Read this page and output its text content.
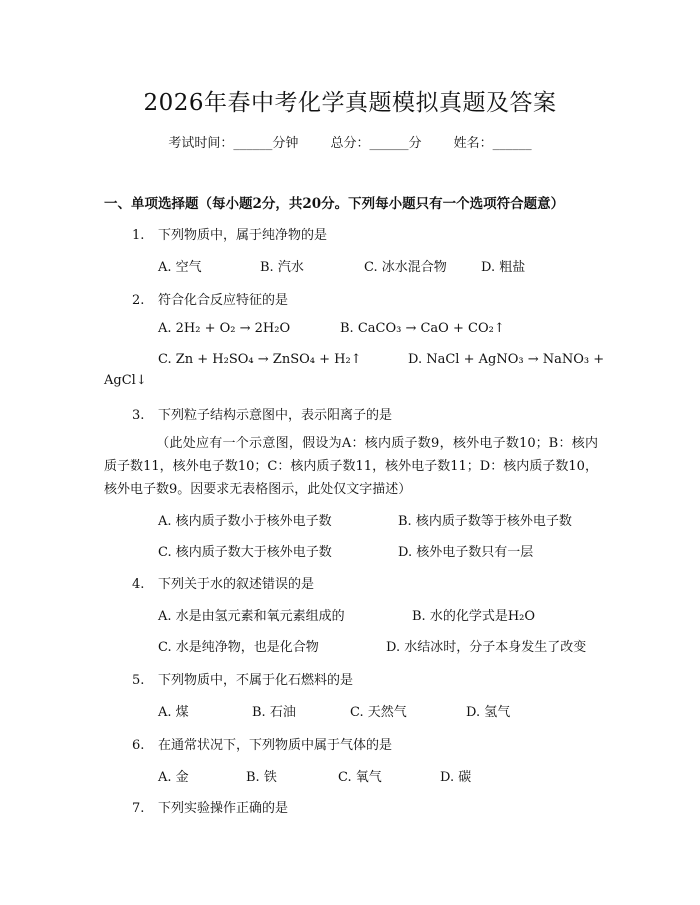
2026年春中考化学真题模拟真题及答案
考试时间：______分钟 总分：______分 姓名：______
一、单项选择题（每小题2分，共20分。下列每小题只有一个选项符合题意）
1. 下列物质中，属于纯净物的是
A. 空气	B. 汽水	C. 冰水混合物	D. 粗盐
2. 符合化合反应特征的是
A. 2H₂ + O₂ → 2H₂O	B. CaCO₃ → CaO + CO₂↑
C. Zn + H₂SO₄ → ZnSO₄ + H₂↑	D. NaCl + AgNO₃ → NaNO₃ +
AgCl↓
3. 下列粒子结构示意图中，表示阳离子的是
（此处应有一个示意图，假设为A：核内质子数9，核外电子数10；B：核内质子数11，核外电子数10；C：核内质子数11，核外电子数11；D：核内质子数10，核外电子数9。因要求无表格图示，此处仅文字描述）
A. 核内质子数小于核外电子数	B. 核内质子数等于核外电子数
C. 核内质子数大于核外电子数	D. 核外电子数只有一层
4. 下列关于水的叙述错误的是
A. 水是由氢元素和氧元素组成的	B. 水的化学式是H₂O
C. 水是纯净物，也是化合物	D. 水结冰时，分子本身发生了改变
5. 下列物质中，不属于化石燃料的是
A. 煤	B. 石油	C. 天然气	D. 氢气
6. 在通常状况下，下列物质中属于气体的是
A. 金	B. 铁	C. 氧气	D. 碳
7. 下列实验操作正确的是
